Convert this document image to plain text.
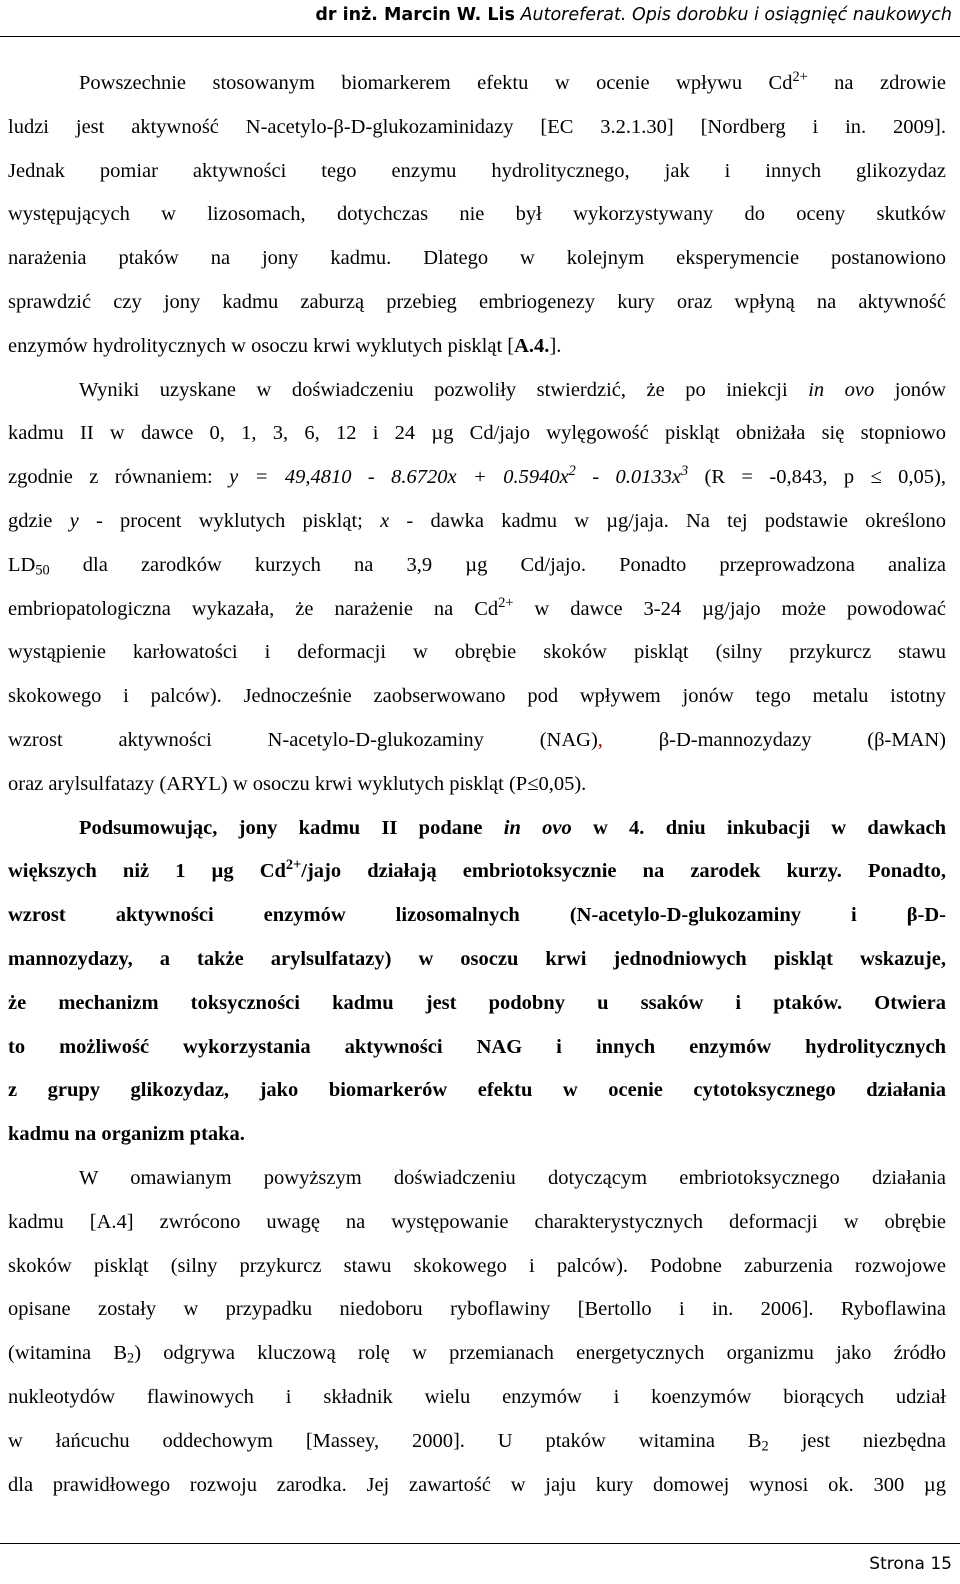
dr inż. Marcin W. Lis Autoreferat. Opis dorobku i osiągnięć naukowych
Powszechnie stosowanym biomarkerem efektu w ocenie wpływu $Cd^{2+}$ na zdrowie
ludzi jest aktywność N-acetylo-β-D-glukozaminidazy [EC 3.2.1.30] [Nordberg i in. 2009].
Jednak pomiar aktywności tego enzymu hydrolitycznego, jak i innych glikozydaz
występujących w lizosomach, dotychczas nie był wykorzystywany do oceny skutków
narażenia ptaków na jony kadmu. Dlatego w kolejnym eksperymencie postanowiono
sprawdzić czy jony kadmu zaburzą przebieg embriogenezy kury oraz wpłyną na aktywność
enzymów hydrolitycznych w osoczu krwi wyklutych piskląt [A.4.].
Wyniki uzyskane w doświadczeniu pozwoliły stwierdzić, że po iniekcji in ovo jonów
kadmu II w dawce 0, 1, 3, 6, 12 i 24 µg Cd/jajo wylęgowość piskląt obniżała się stopniowo
zgodnie z równaniem: $y = 49,4810 - 8.6720x + 0.5940x^2 - 0.0133x^3$ (R = -0,843, p ≤ 0,05),
gdzie y - procent wyklutych piskląt; x - dawka kadmu w µg/jaja. Na tej podstawie określono
$LD_{50}$ dla zarodków kurzych na 3,9 µg Cd/jajo. Ponadto przeprowadzona analiza
embriopatologiczna wykazała, że narażenie na $Cd^{2+}$ w dawce 3-24 µg/jajo może powodować
wystąpienie karłowatości i deformacji w obrębie skoków piskląt (silny przykurcz stawu
skokowego i palców). Jednocześnie zaobserwowano pod wpływem jonów tego metalu istotny
wzrost aktywności N-acetylo-D-glukozaminy (NAG), β-D-mannozydazy (β-MAN)
oraz arylsulfatazy (ARYL) w osoczu krwi wyklutych piskląt (P≤0,05).
Podsumowując, jony kadmu II podane in ovo w 4. dniu inkubacji w dawkach
większych niż 1 µg $Cd^{2+}$/jajo działają embriotoksycznie na zarodek kurzy. Ponadto,
wzrost aktywności enzymów lizosomalnych (N-acetylo-D-glukozaminy i β-D-
mannozydazy, a także arylsulfatazy) w osoczu krwi jednodniowych piskląt wskazuje,
że mechanizm toksyczności kadmu jest podobny u ssaków i ptaków. Otwiera
to możliwość wykorzystania aktywności NAG i innych enzymów hydrolitycznych
z grupy glikozydaz, jako biomarkerów efektu w ocenie cytotoksycznego działania
kadmu na organizm ptaka.
W omawianym powyższym doświadczeniu dotyczącym embriotoksycznego działania
kadmu [A.4] zwrócono uwagę na występowanie charakterystycznych deformacji w obrębie
skoków piskląt (silny przykurcz stawu skokowego i palców). Podobne zaburzenia rozwojowe
opisane zostały w przypadku niedoboru ryboflawiny [Bertollo i in. 2006]. Ryboflawina
(witamina $B_2$) odgrywa kluczową rolę w przemianach energetycznych organizmu jako źródło
nukleotydów flawinowych i składnik wielu enzymów i koenzymów biorących udział
w łańcuchu oddechowym [Massey, 2000]. U ptaków witamina $B_2$ jest niezbędna
dla prawidłowego rozwoju zarodka. Jej zawartość w jaju kury domowej wynosi ok. 300 µg
Strona 15
